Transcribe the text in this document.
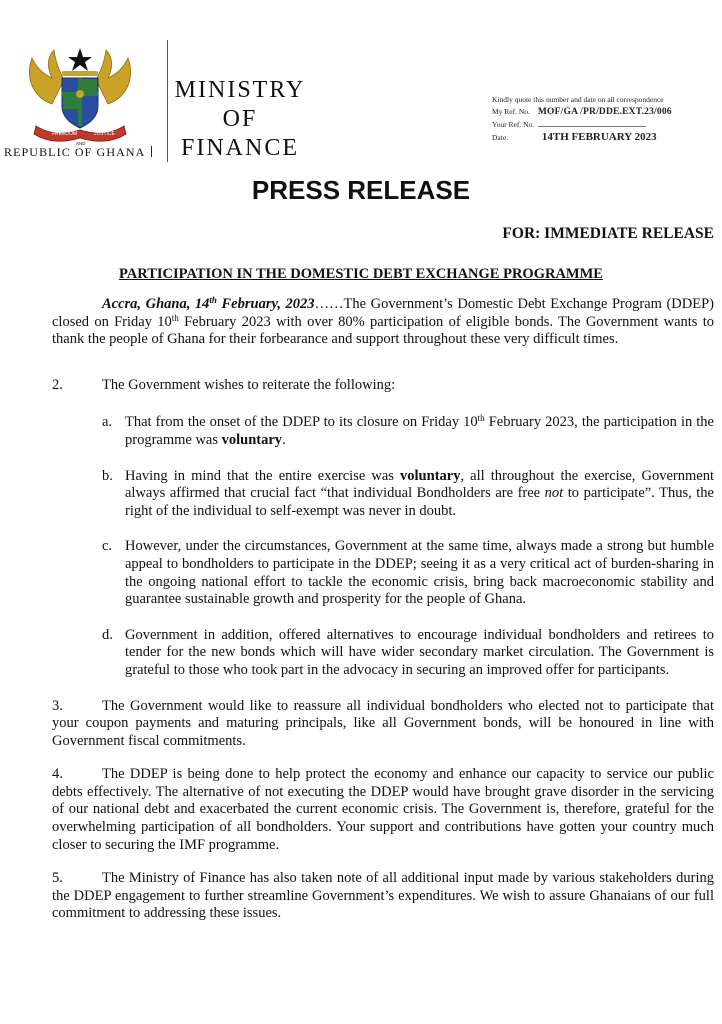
FREEDOM	JUSTICE
AND
REPUBLIC OF GHANA
MINISTRY
OF
FINANCE
Kindly quote this number and date on all correspondence
My Ref. No. MOF/GA /PR/DDE.EXT.23/006
Your Ref. No.
Date.	14TH FEBRUARY 2023
PRESS RELEASE
FOR: IMMEDIATE RELEASE
PARTICIPATION IN THE DOMESTIC DEBT EXCHANGE PROGRAMME

Accra, Ghana, 14th February, 2023……The Government’s Domestic Debt Exchange Program (DDEP) closed on Friday 10th February 2023 with over 80% participation of eligible bonds. The Government wants to thank the people of Ghana for their forbearance and support throughout these very difficult times.

2.	The Government wishes to reiterate the following:
a. That from the onset of the DDEP to its closure on Friday 10th February 2023, the participation in the programme was voluntary.
b. Having in mind that the entire exercise was voluntary, all throughout the exercise, Government always affirmed that crucial fact “that individual Bondholders are free not to participate”. Thus, the right of the individual to self-exempt was never in doubt.
c. However, under the circumstances, Government at the same time, always made a strong but humble appeal to bondholders to participate in the DDEP; seeing it as a very critical act of burden-sharing in the ongoing national effort to tackle the economic crisis, bring back macroeconomic stability and guarantee sustainable growth and prosperity for the people of Ghana.
d. Government in addition, offered alternatives to encourage individual bondholders and retirees to tender for the new bonds which will have wider secondary market circulation. The Government is grateful to those who took part in the advocacy in securing an improved offer for participants.

3.	The Government would like to reassure all individual bondholders who elected not to participate that your coupon payments and maturing principals, like all Government bonds, will be honoured in line with Government fiscal commitments.

4.	The DDEP is being done to help protect the economy and enhance our capacity to service our public debts effectively. The alternative of not executing the DDEP would have brought grave disorder in the servicing of our national debt and exacerbated the current economic crisis. The Government is, therefore, grateful for the overwhelming participation of all bondholders. Your support and contributions have gotten your country much closer to securing the IMF programme.

5.	The Ministry of Finance has also taken note of all additional input made by various stakeholders during the DDEP engagement to further streamline Government’s expenditures. We wish to assure Ghanaians of our full commitment to addressing these issues.
